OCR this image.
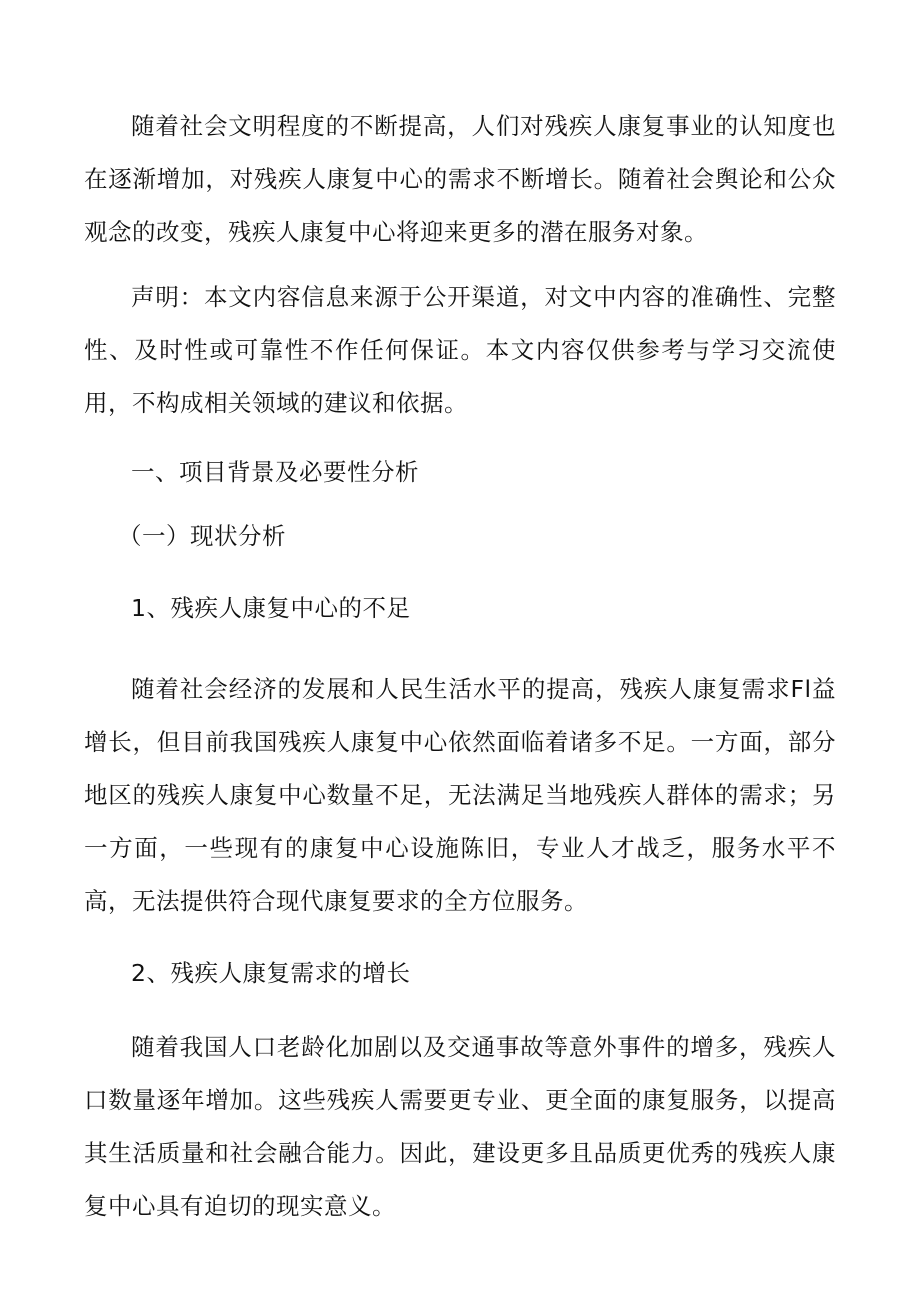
随着社会文明程度的不断提高，人们对残疾人康复事业的认知度也在逐渐增加，对残疾人康复中心的需求不断增长。随着社会舆论和公众观念的改变，残疾人康复中心将迎来更多的潜在服务对象。

声明：本文内容信息来源于公开渠道，对文中内容的准确性、完整性、及时性或可靠性不作任何保证。本文内容仅供参考与学习交流使用，不构成相关领域的建议和依据。

一、项目背景及必要性分析

（一）现状分析

1、残疾人康复中心的不足

随着社会经济的发展和人民生活水平的提高，残疾人康复需求Fl益增长，但目前我国残疾人康复中心依然面临着诸多不足。一方面，部分地区的残疾人康复中心数量不足，无法满足当地残疾人群体的需求；另一方面，一些现有的康复中心设施陈旧，专业人才战乏，服务水平不高，无法提供符合现代康复要求的全方位服务。

2、残疾人康复需求的增长

随着我国人口老龄化加剧以及交通事故等意外事件的增多，残疾人口数量逐年增加。这些残疾人需要更专业、更全面的康复服务，以提高其生活质量和社会融合能力。因此，建设更多且品质更优秀的残疾人康复中心具有迫切的现实意义。
